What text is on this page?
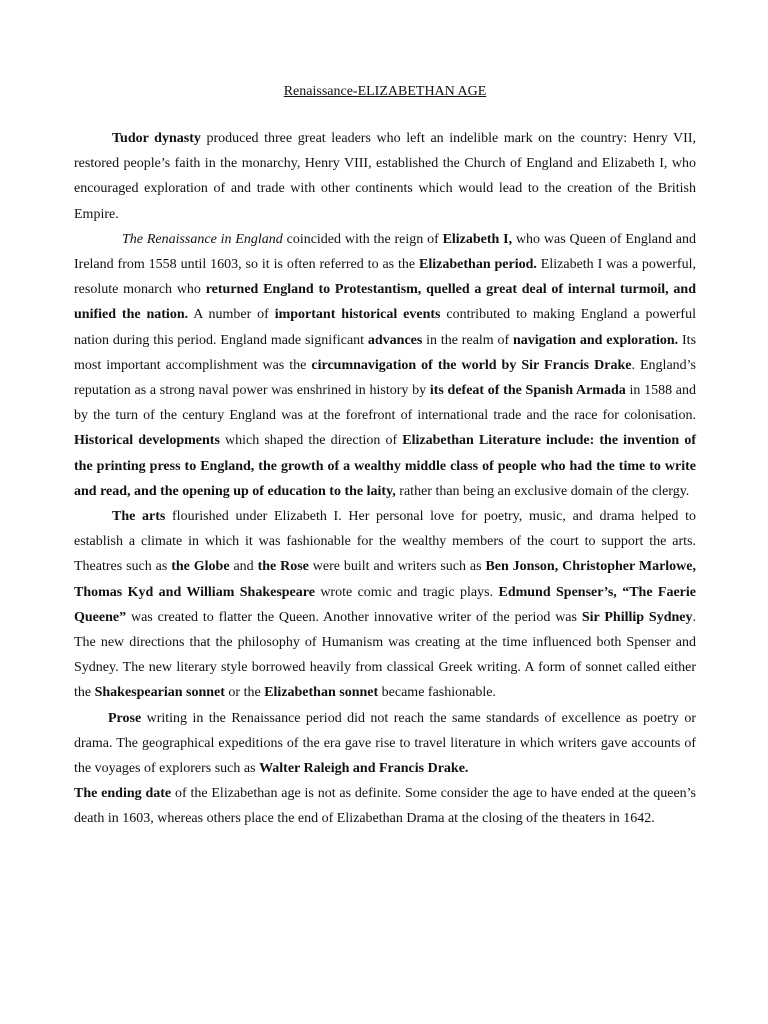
Renaissance-ELIZABETHAN AGE

Tudor dynasty produced three great leaders who left an indelible mark on the country: Henry VII, restored people’s faith in the monarchy, Henry VIII, established the Church of England and Elizabeth I, who encouraged exploration of and trade with other continents which would lead to the creation of the British Empire.

The Renaissance in England coincided with the reign of Elizabeth I, who was Queen of England and Ireland from 1558 until 1603, so it is often referred to as the Elizabethan period. Elizabeth I was a powerful, resolute monarch who returned England to Protestantism, quelled a great deal of internal turmoil, and unified the nation. A number of important historical events contributed to making England a powerful nation during this period. England made significant advances in the realm of navigation and exploration. Its most important accomplishment was the circumnavigation of the world by Sir Francis Drake. England’s reputation as a strong naval power was enshrined in history by its defeat of the Spanish Armada in 1588 and by the turn of the century England was at the forefront of international trade and the race for colonisation. Historical developments which shaped the direction of Elizabethan Literature include: the invention of the printing press to England, the growth of a wealthy middle class of people who had the time to write and read, and the opening up of education to the laity, rather than being an exclusive domain of the clergy.

The arts flourished under Elizabeth I. Her personal love for poetry, music, and drama helped to establish a climate in which it was fashionable for the wealthy members of the court to support the arts. Theatres such as the Globe and the Rose were built and writers such as Ben Jonson, Christopher Marlowe, Thomas Kyd and William Shakespeare wrote comic and tragic plays. Edmund Spenser’s, “The Faerie Queene” was created to flatter the Queen. Another innovative writer of the period was Sir Phillip Sydney. The new directions that the philosophy of Humanism was creating at the time influenced both Spenser and Sydney. The new literary style borrowed heavily from classical Greek writing. A form of sonnet called either the Shakespearian sonnet or the Elizabethan sonnet became fashionable.

Prose writing in the Renaissance period did not reach the same standards of excellence as poetry or drama. The geographical expeditions of the era gave rise to travel literature in which writers gave accounts of the voyages of explorers such as Walter Raleigh and Francis Drake.

The ending date of the Elizabethan age is not as definite. Some consider the age to have ended at the queen’s death in 1603, whereas others place the end of Elizabethan Drama at the closing of the theaters in 1642.
